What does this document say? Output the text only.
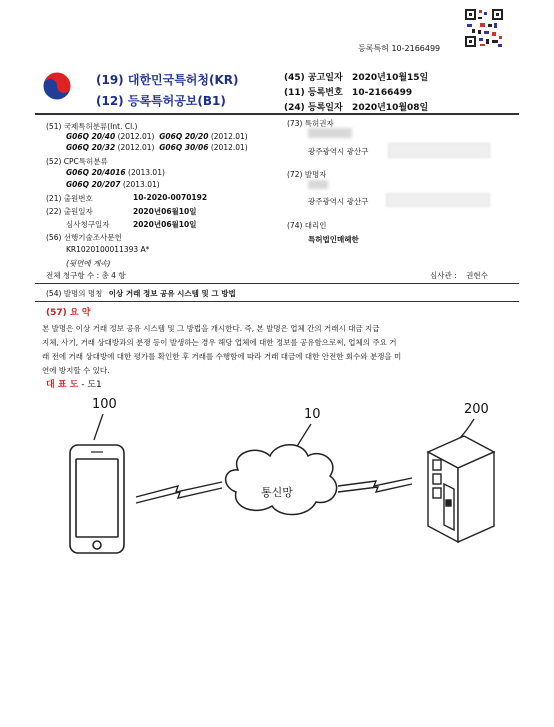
등록특허 10-2166499
(19) 대한민국특허청(KR)
(12) 등록특허공보(B1)
(45) 공고일자   2020년10월15일
(11) 등록번호   10-2166499
(24) 등록일자   2020년10월08일
(51) 국제특허분류(Int. Cl.)
G06Q 20/40 (2012.01) G06Q 20/20 (2012.01)
G06Q 20/32 (2012.01) G06Q 30/06 (2012.01)
(52) CPC특허분류
G06Q 20/4016 (2013.01)
G06Q 20/207 (2013.01)
(21) 출원번호	10-2020-0070192
(22) 출원일자	2020년06월10일
심사청구일자	2020년06월10일
(56) 선행기술조사문헌
KR1020100011393 A*
(뒷면에 계속)
전체 청구항 수 : 총 4 항
(73) 특허권자
광주광역시 광산구
(72) 발명자
광주광역시 광산구
(74) 대리인
특허법인매헤한
심사관 :    권현수
(54) 발명의 명칭 이상 거래 정보 공유 시스템 및 그 방법
(57) 요 약
본 발명은 이상 거래 정보 공유 시스템 및 그 방법을 개시한다. 즉, 본 발명은 업체 간의 거래시 대금 지급
지체, 사기, 거래 상대방과의 분쟁 등이 발생하는 경우 해당 업체에 대한 정보를 공유함으로써, 업체의 주요 거
래 전에 거래 상대방에 대한 평가를 확인한 후 거래를 수행함에 따라 거래 대금에 대한 안전한 회수와 분쟁을 미
연에 방지할 수 있다.
대 표 도 - 도1
100
10	200
통신망
